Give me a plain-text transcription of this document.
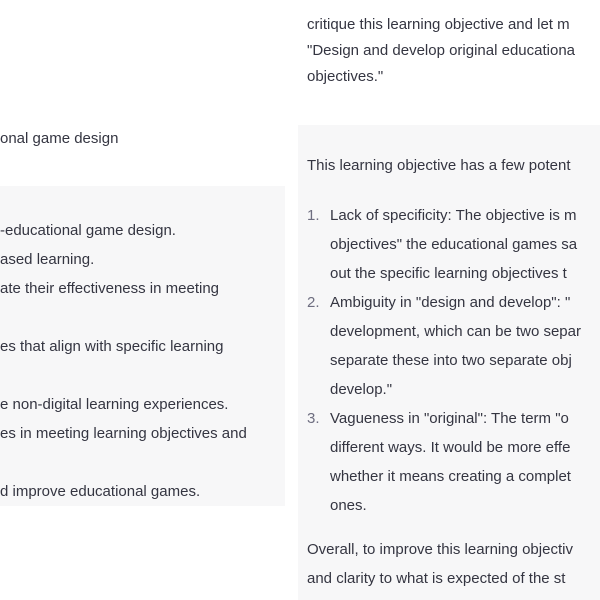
onal game design
-educational game design.
ased learning.
ate their effectiveness in meeting

es that align with specific learning

e non-digital learning experiences.
es in meeting learning objectives and

d improve educational games.

critique this learning objective and let m
"Design and develop original educationa
objectives."

This learning objective has a few potent

1. Lack of specificity: The objective is m
objectives" the educational games sa
out the specific learning objectives t
2. Ambiguity in "design and develop": "
development, which can be two separ
separate these into two separate obj
develop."
3. Vagueness in "original": The term "o
different ways. It would be more effe
whether it means creating a complet
ones.

Overall, to improve this learning objectiv
and clarity to what is expected of the st
